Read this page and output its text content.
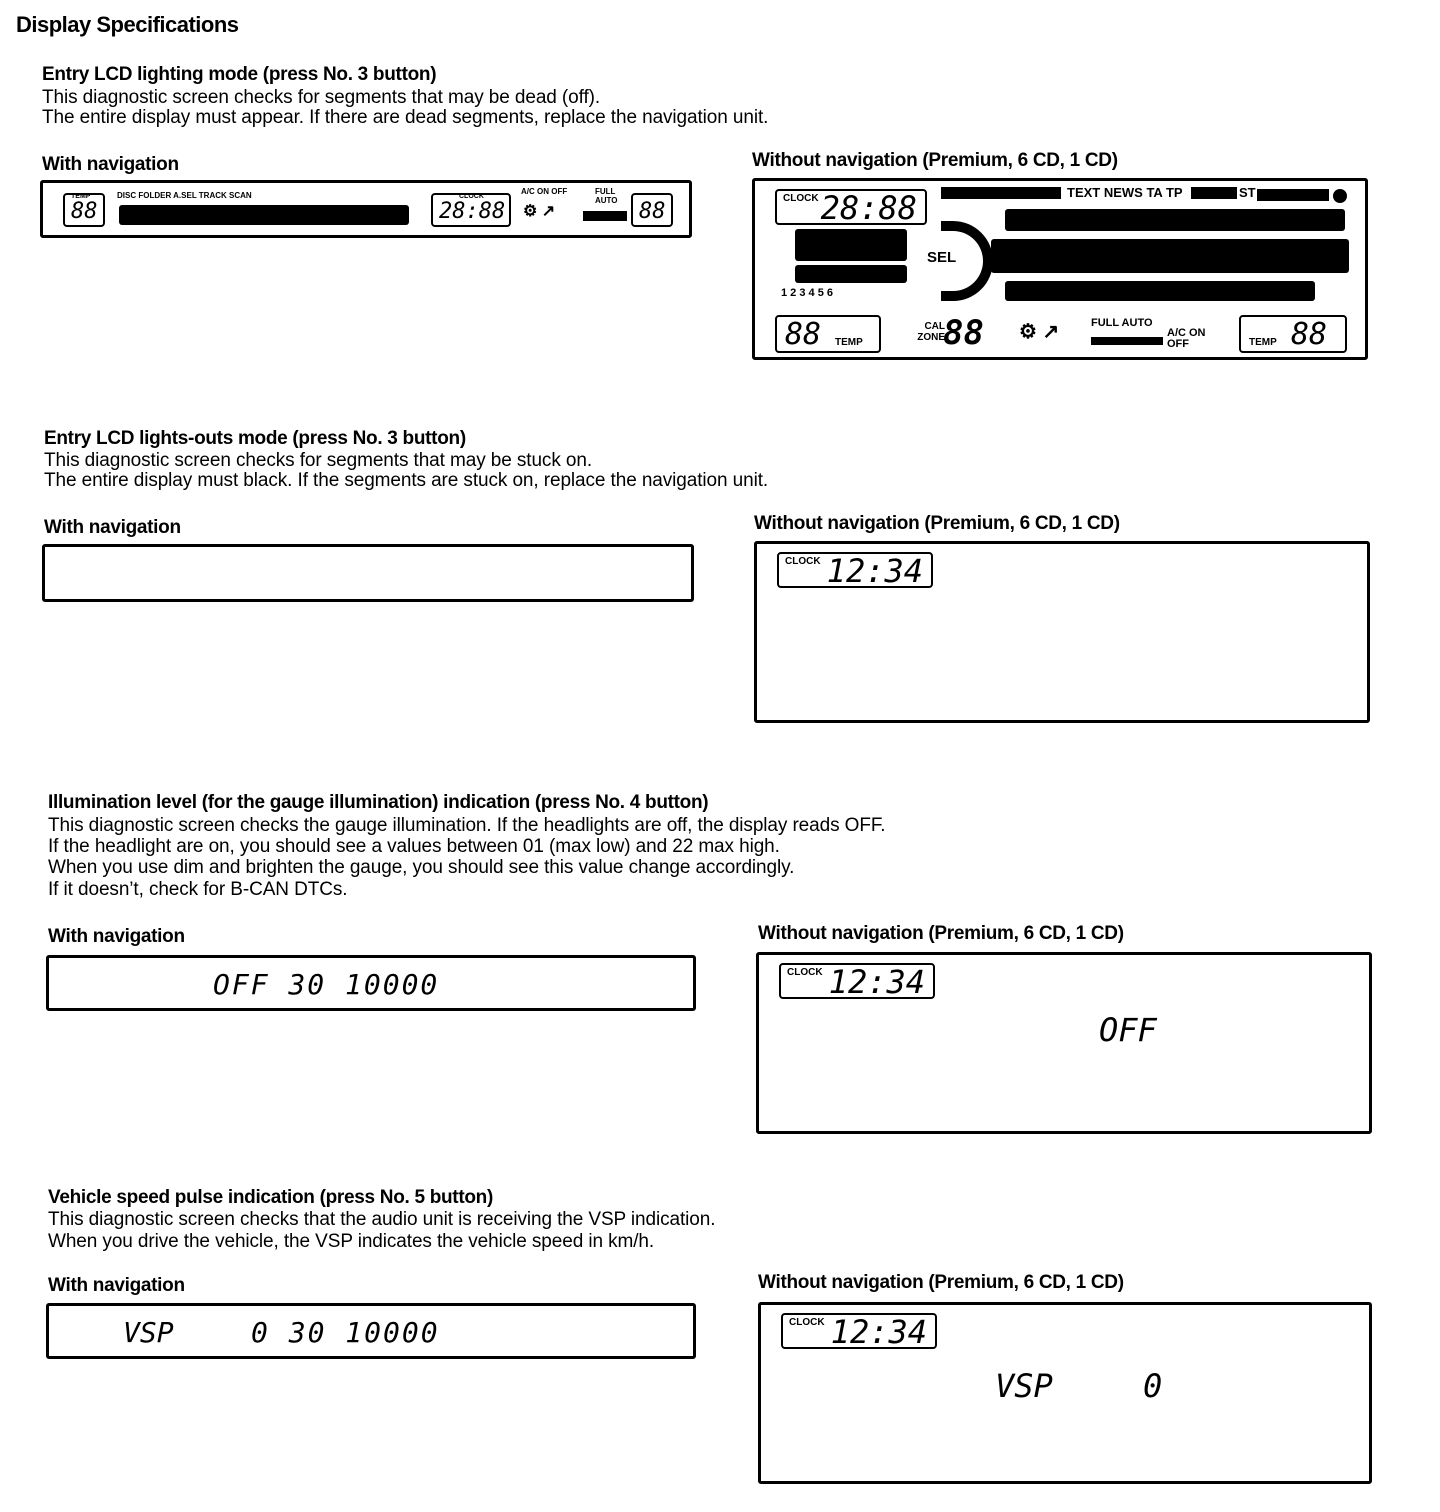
Display Specifications
Entry LCD lighting mode (press No. 3 button)
This diagnostic screen checks for segments that may be dead (off).
The entire display must appear. If there are dead segments, replace the navigation unit.
With navigation	Without navigation (Premium, 6 CD, 1 CD)
TEMP
88
DISC FOLDER A.SEL TRACK SCAN	CLOCK
28:88
A/C ON OFF
⚙ ↗
FULL AUTO 88
CLOCK 28:88	TEXT NEWS TA TP	ST
1 2 3 4 5 6
SEL
88 TEMP
CAL ZONE
88 ⚙ ↗	FULL AUTO
A/C ON
OFF	TEMP 88
Entry LCD lights-outs mode (press No. 3 button)
This diagnostic screen checks for segments that may be stuck on.
The entire display must black. If the segments are stuck on, replace the navigation unit.
With navigation	Without navigation (Premium, 6 CD, 1 CD)
CLOCK 12:34
Illumination level (for the gauge illumination) indication (press No. 4 button)
This diagnostic screen checks the gauge illumination. If the headlights are off, the display reads OFF.
If the headlight are on, you should see a values between 01 (max low) and 22 max high.
When you use dim and brighten the gauge, you should see this value change accordingly.
If it doesn’t, check for B-CAN DTCs.
With navigation	Without navigation (Premium, 6 CD, 1 CD)
OFF 30 10000	CLOCK 12:34
OFF
Vehicle speed pulse indication (press No. 5 button)
This diagnostic screen checks that the audio unit is receiving the VSP indication.
When you drive the vehicle, the VSP indicates the vehicle speed in km/h.
With navigation	Without navigation (Premium, 6 CD, 1 CD)
VSP	0 30 10000	CLOCK 12:34
VSP	0
